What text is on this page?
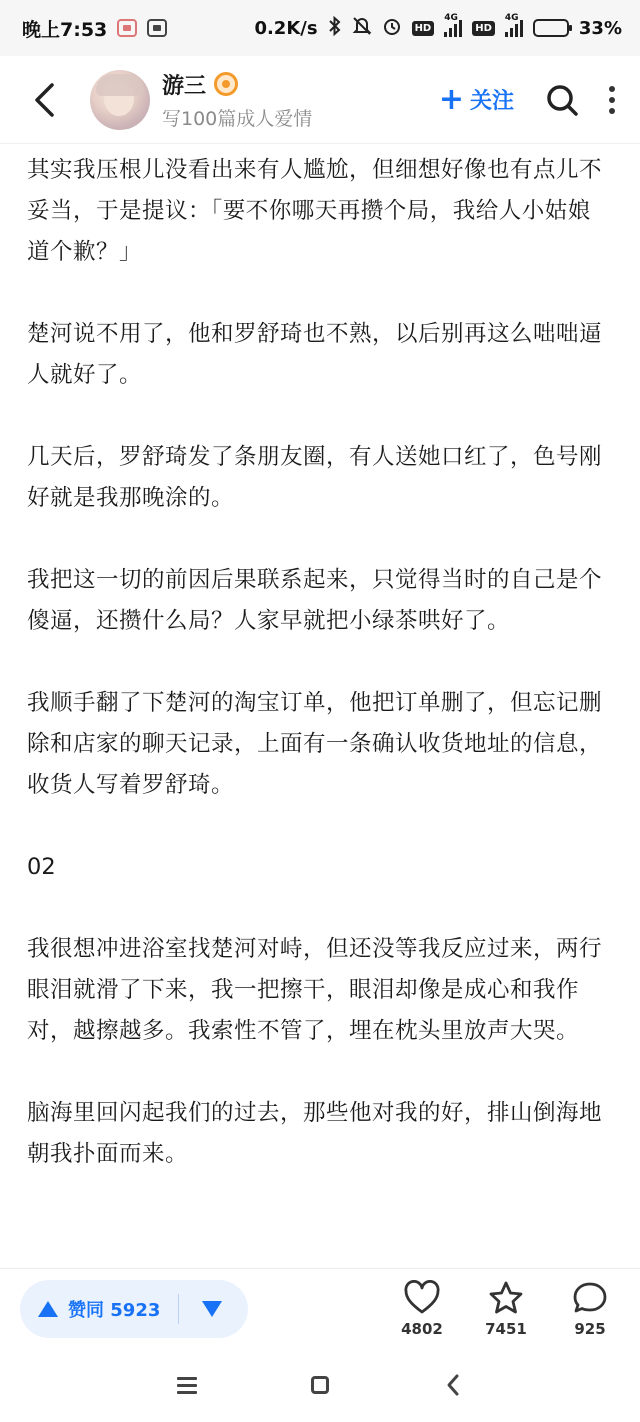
晚上7:53	0.2K/s	HD
4G
HD
4G	33%
游三
写100篇成人爱情
+ 关注

其实我压根儿没看出来有人尴尬，但细想好像也有点儿不妥当，于是提议：「要不你哪天再攒个局，我给人小姑娘道个歉？」

楚河说不用了，他和罗舒琦也不熟，以后别再这么咄咄逼人就好了。

几天后，罗舒琦发了条朋友圈，有人送她口红了，色号刚好就是我那晚涂的。

我把这一切的前因后果联系起来，只觉得当时的自己是个傻逼，还攒什么局？人家早就把小绿茶哄好了。

我顺手翻了下楚河的淘宝订单，他把订单删了，但忘记删除和店家的聊天记录，上面有一条确认收货地址的信息，收货人写着罗舒琦。

02

我很想冲进浴室找楚河对峙，但还没等我反应过来，两行眼泪就滑了下来，我一把擦干，眼泪却像是成心和我作对，越擦越多。我索性不管了，埋在枕头里放声大哭。

脑海里回闪起我们的过去，那些他对我的好，排山倒海地朝我扑面而来。

赞同 5923
4802	7451	925
